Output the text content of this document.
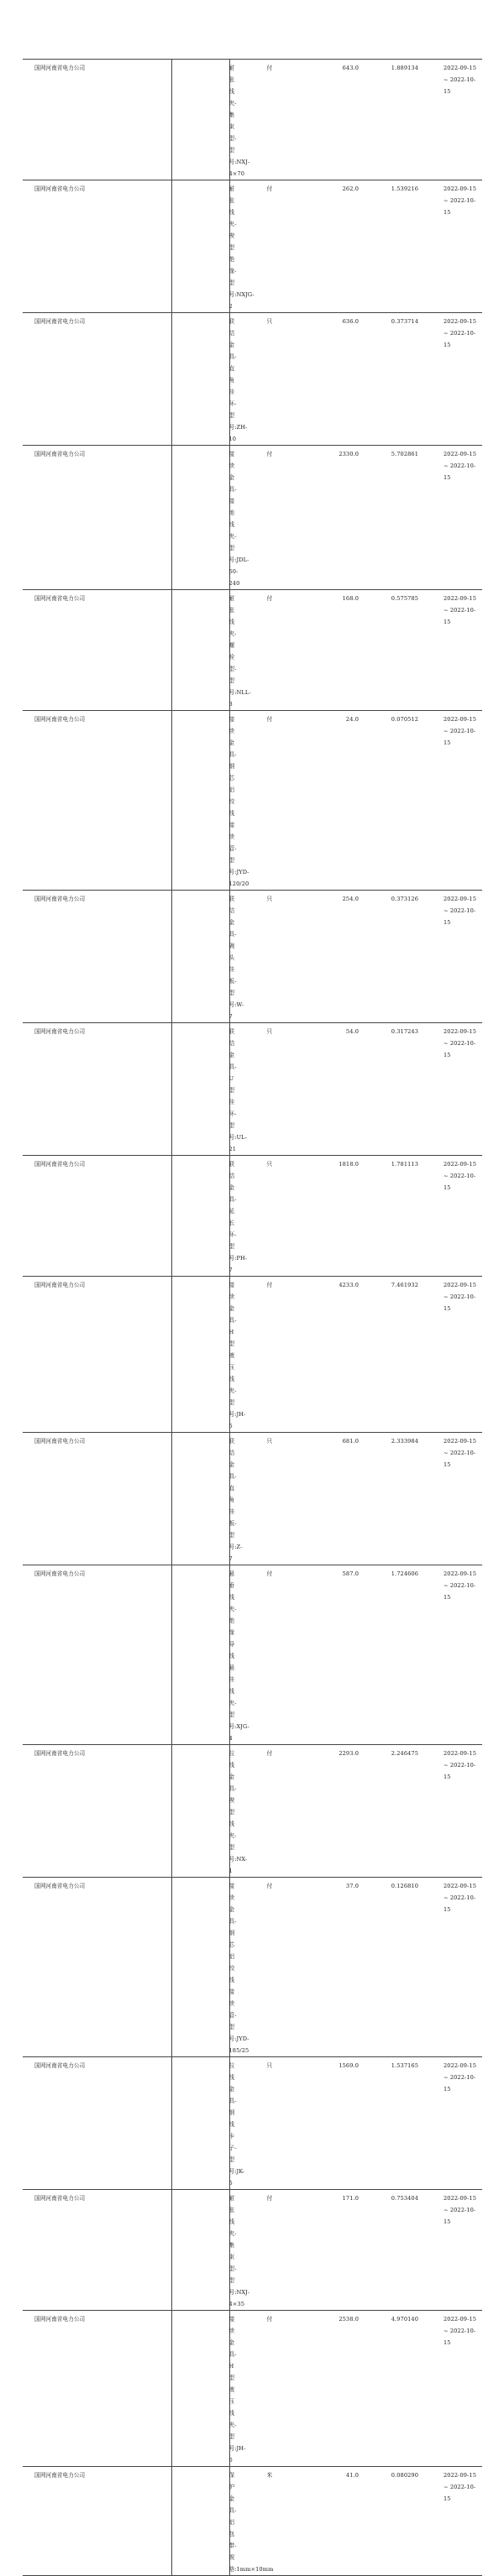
国网河南省电力公司	耐张线夹-集束型-型号:NXJ-4×70	付	643.0	1.889134	2022-09-15 ~ 2022-10-15

国网河南省电力公司	耐张线夹-楔型绝缘-型号:NXJG-2	付	262.0	1.539216	2022-09-15 ~ 2022-10-15

国网河南省电力公司	联结金具-直角挂环-型号:ZH-10	只	636.0	0.373714	2022-09-15 ~ 2022-10-15

国网河南省电力公司	接续金具-接地线夹-型号:JDL-50-240	付	2330.0	5.702861	2022-09-15 ~ 2022-10-15

国网河南省电力公司	耐张线夹-螺栓型-型号:NLL-3	付	168.0	0.575785	2022-09-15 ~ 2022-10-15

国网河南省电力公司	接续金具-钢芯铝绞线接续管-型号:JYD-120/20	付	24.0	0.070512	2022-09-15 ~ 2022-10-15

国网河南省电力公司	联结金具-碗头挂板-型号:W-7	只	254.0	0.373126	2022-09-15 ~ 2022-10-15

国网河南省电力公司	联结金具-U型挂环-型号:UL-21	只	54.0	0.317243	2022-09-15 ~ 2022-10-15

国网河南省电力公司	联结金具-延长环-型号:PH-7	只	1818.0	1.781113	2022-09-15 ~ 2022-10-15

国网河南省电力公司	接续金具-H型液压线夹-型号:JH-5	付	4233.0	7.461932	2022-09-15 ~ 2022-10-15

国网河南省电力公司	联结金具-直角挂板-型号:Z-7	只	681.0	2.333984	2022-09-15 ~ 2022-10-15

国网河南省电力公司	悬垂线夹-绝缘导线悬挂线夹-型号:XJG-4	付	587.0	1.724606	2022-09-15 ~ 2022-10-15

国网河南省电力公司	拉线金具-楔型线夹-型号:NX-1	付	2293.0	2.246475	2022-09-15 ~ 2022-10-15

国网河南省电力公司	接续金具-钢芯铝绞线接续管-型号:JYD-185/25	付	37.0	0.126810	2022-09-15 ~ 2022-10-15

国网河南省电力公司	拉线金具-钢线卡子-型号:JK-5	只	1569.0	1.537165	2022-09-15 ~ 2022-10-15

国网河南省电力公司	耐张线夹-集束型-型号:NXJ-4×35	付	171.0	0.753404	2022-09-15 ~ 2022-10-15

国网河南省电力公司	接续金具-H型液压线夹-型号:JH-6	付	2538.0	4.970140	2022-09-15 ~ 2022-10-15

国网河南省电力公司	保护金具-铝包带-规格:1mm×10mm	米	41.0	0.080290	2022-09-15 ~ 2022-10-15
